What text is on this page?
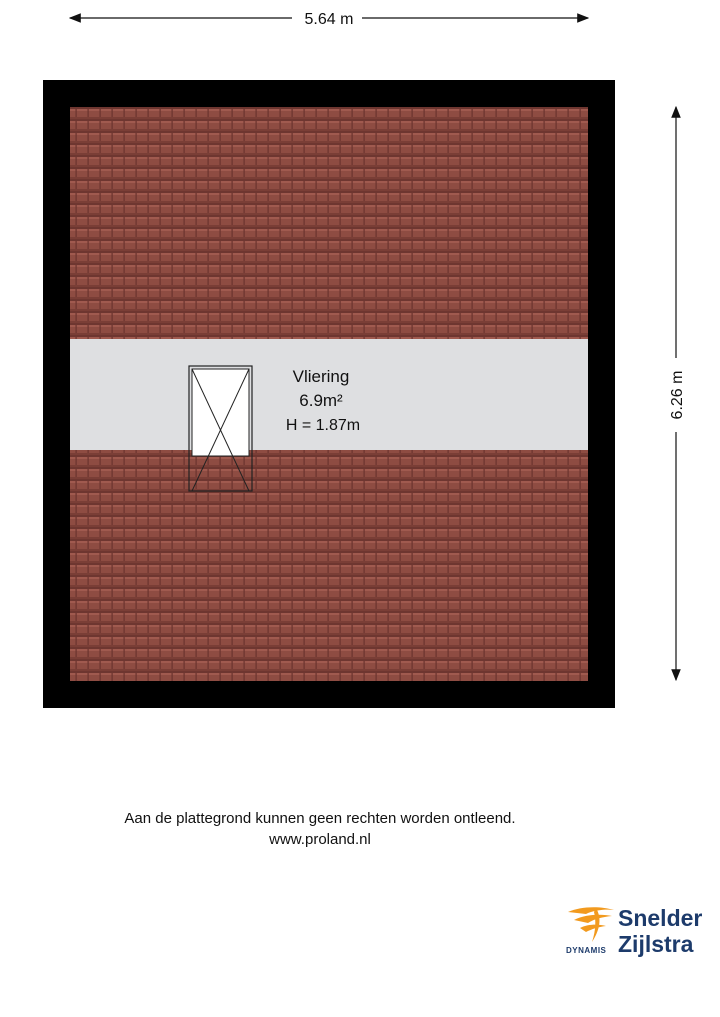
5.64 m
6.26 m
Vliering
6.9m²
H = 1.87m
Aan de plattegrond kunnen geen rechten worden ontleend.
www.proland.nl
Snelder
Zijlstra
DYNAMIS
